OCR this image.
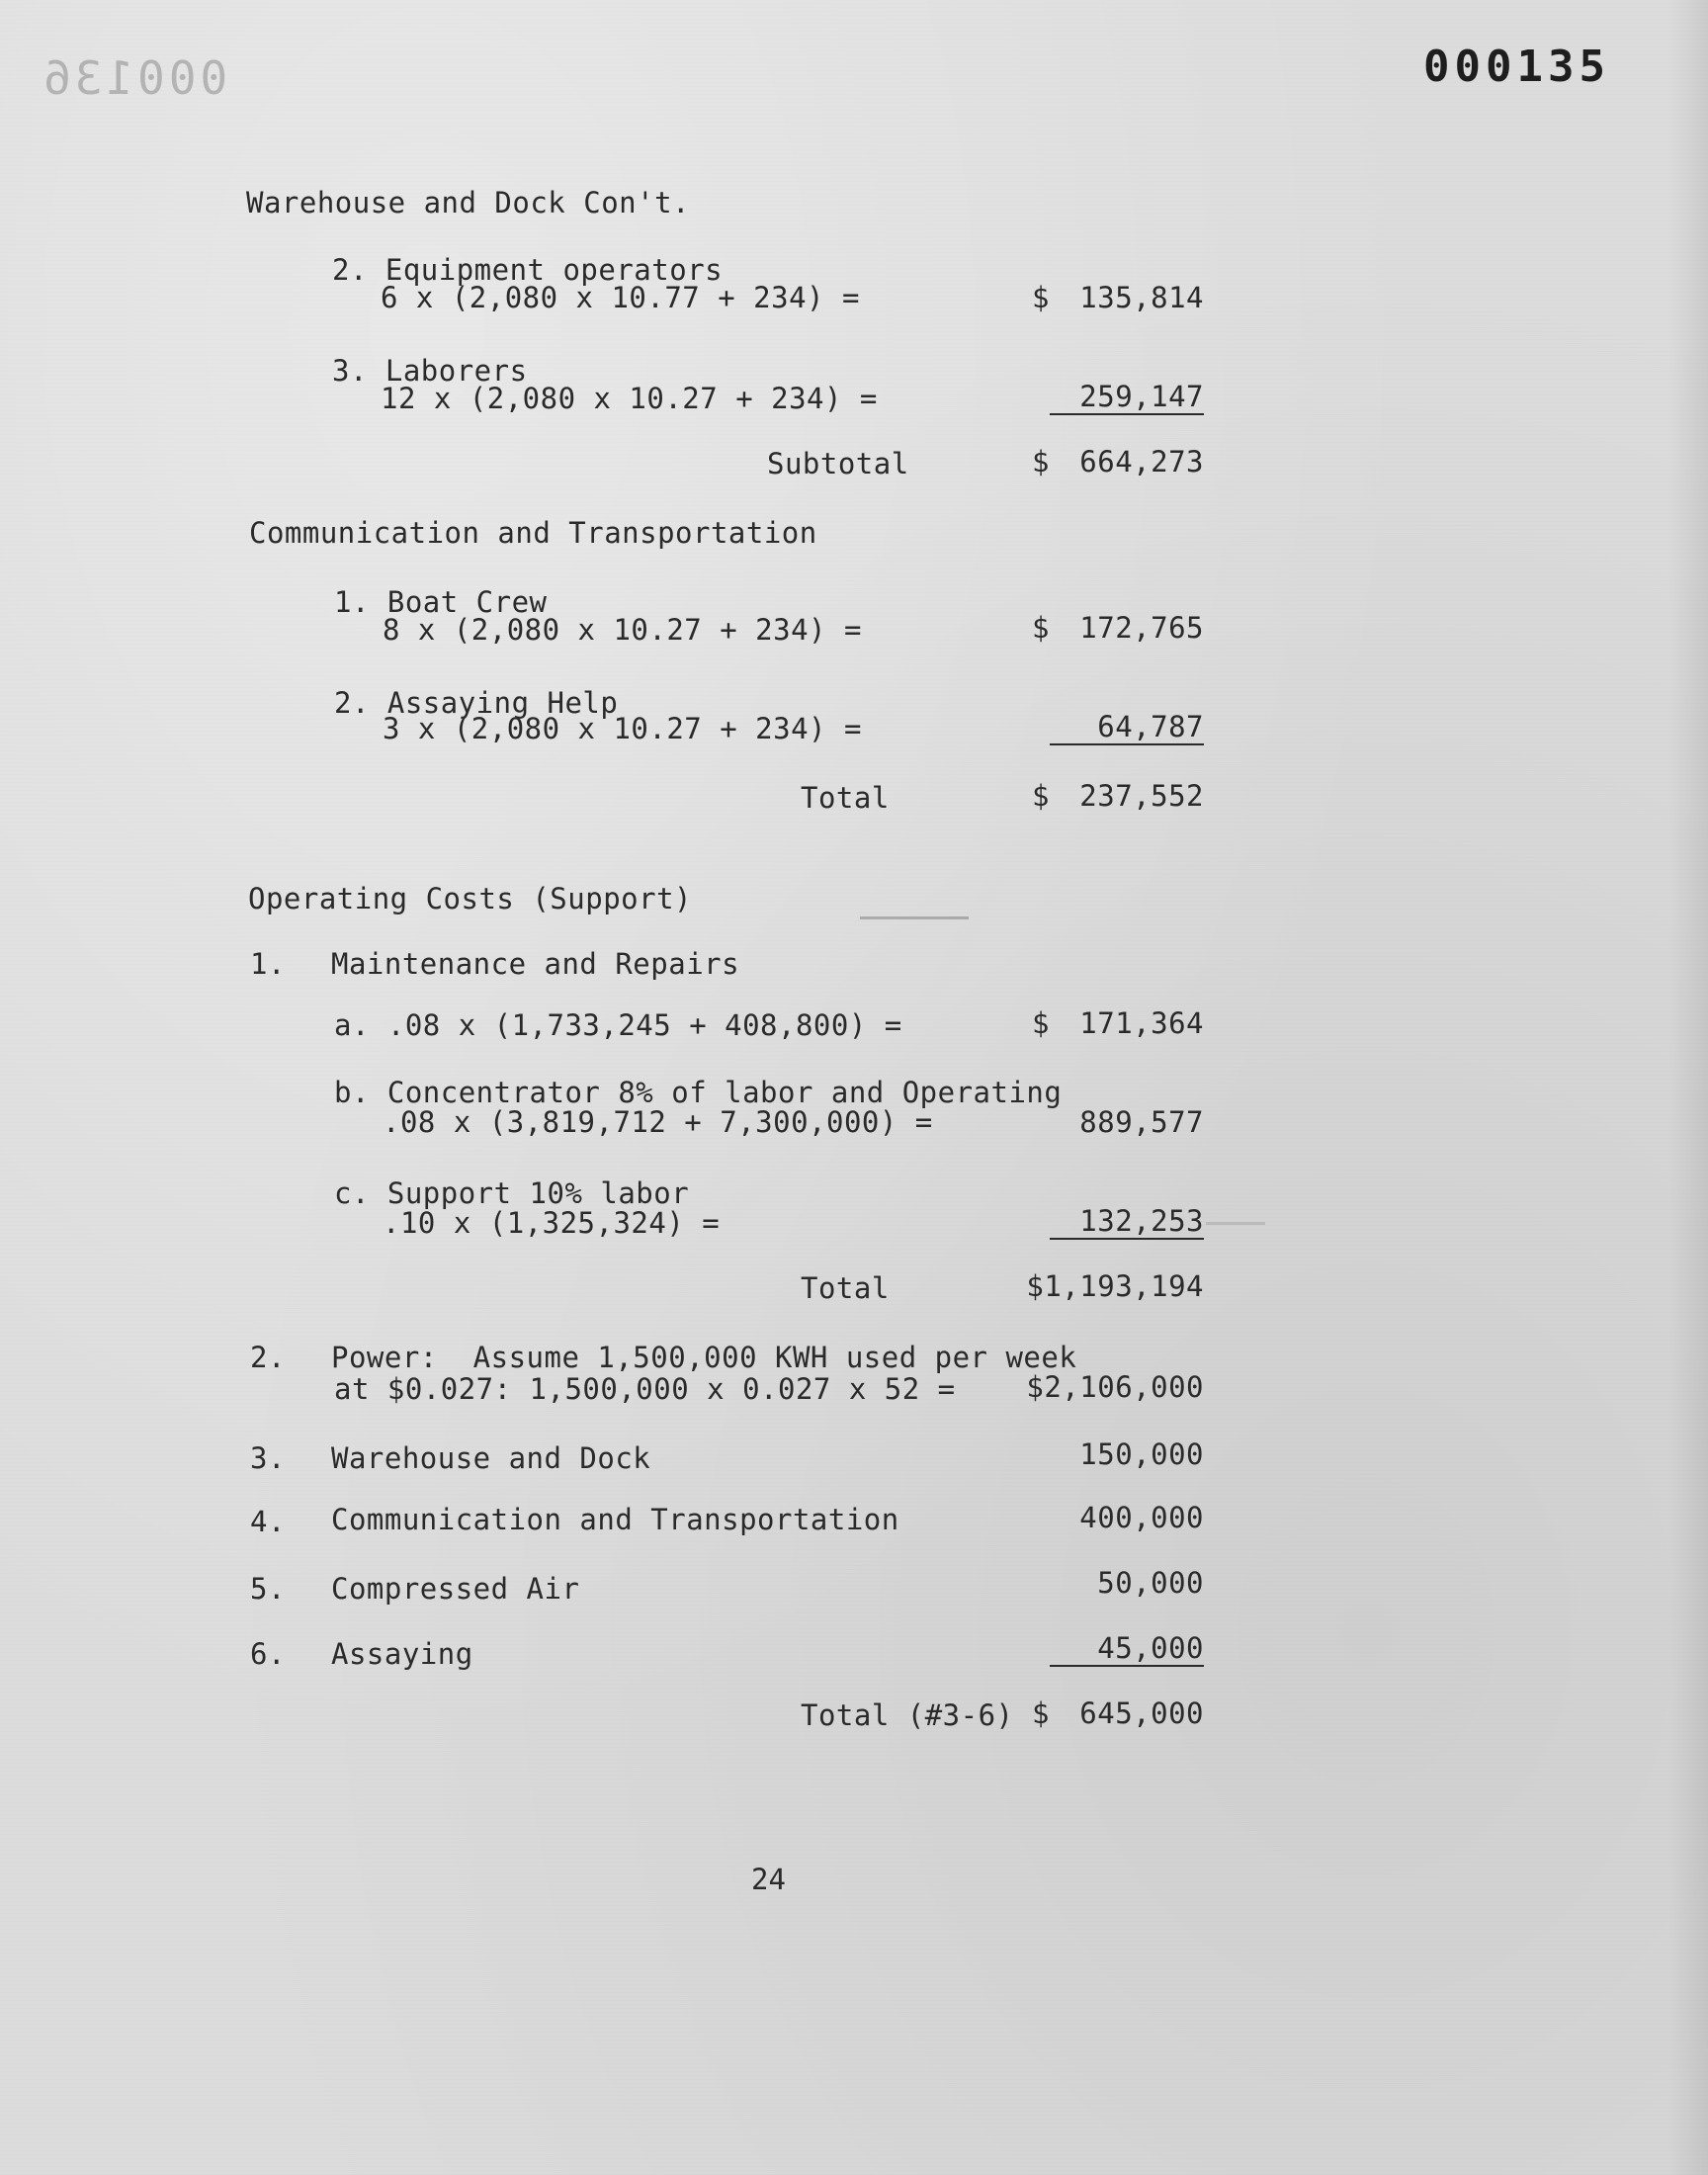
000136	000135
Warehouse and Dock Con't.
2. Equipment operators
6 x (2,080 x 10.77 + 234) =	$	135,814
3. Laborers
12 x (2,080 x 10.27 + 234) =	259,147
Subtotal	$	664,273
Communication and Transportation
1. Boat Crew
8 x (2,080 x 10.27 + 234) =	$	172,765
2. Assaying Help
3 x (2,080 x 10.27 + 234) =	64,787
Total	$	237,552
Operating Costs (Support)
1. Maintenance and Repairs
a. .08 x (1,733,245 + 408,800) =	$	171,364
b. Concentrator 8% of labor and Operating
.08 x (3,819,712 + 7,300,000) =	889,577
c. Support 10% labor
.10 x (1,325,324) =	132,253
Total	$1,193,194
2. Power:  Assume 1,500,000 KWH used per week
at $0.027: 1,500,000 x 0.027 x 52 = $2,106,000
3. Warehouse and Dock	150,000
4. Communication and Transportation	400,000
5. Compressed Air	50,000
6. Assaying	45,000
Total (#3-6) $	645,000
24
